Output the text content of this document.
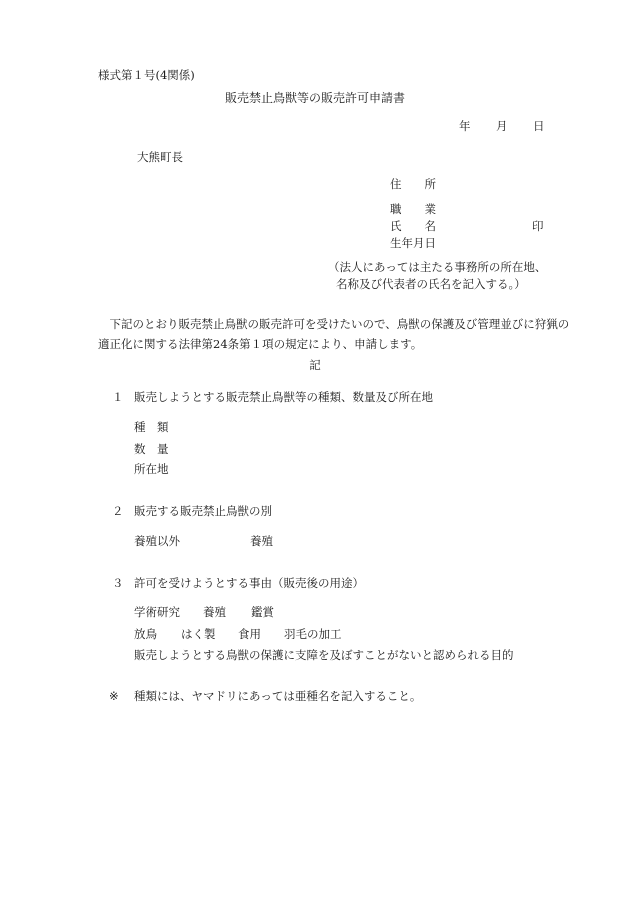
様式第１号(4関係)
販売禁止鳥獣等の販売許可申請書
年 月 日
大熊町長
住　　所
職　　業
氏　　名	印
生年月日
（法人にあっては主たる事務所の所在地、
名称及び代表者の氏名を記入する。）
　下記のとおり販売禁止鳥獣の販売許可を受けたいので、鳥獣の保護及び管理並びに狩猟の適正化に関する法律第24条第１項の規定により、申請します。
記
１ 販売しようとする販売禁止鳥獣等の種類、数量及び所在地
種　類
数　量
所在地
２ 販売する販売禁止鳥獣の別
養殖以外	養殖
３ 許可を受けようとする事由（販売後の用途）
学術研究 養殖 鑑賞
放鳥 はく製 食用 羽毛の加工
販売しようとする鳥獣の保護に支障を及ぼすことがないと認められる目的
※ 種類には、ヤマドリにあっては亜種名を記入すること。
